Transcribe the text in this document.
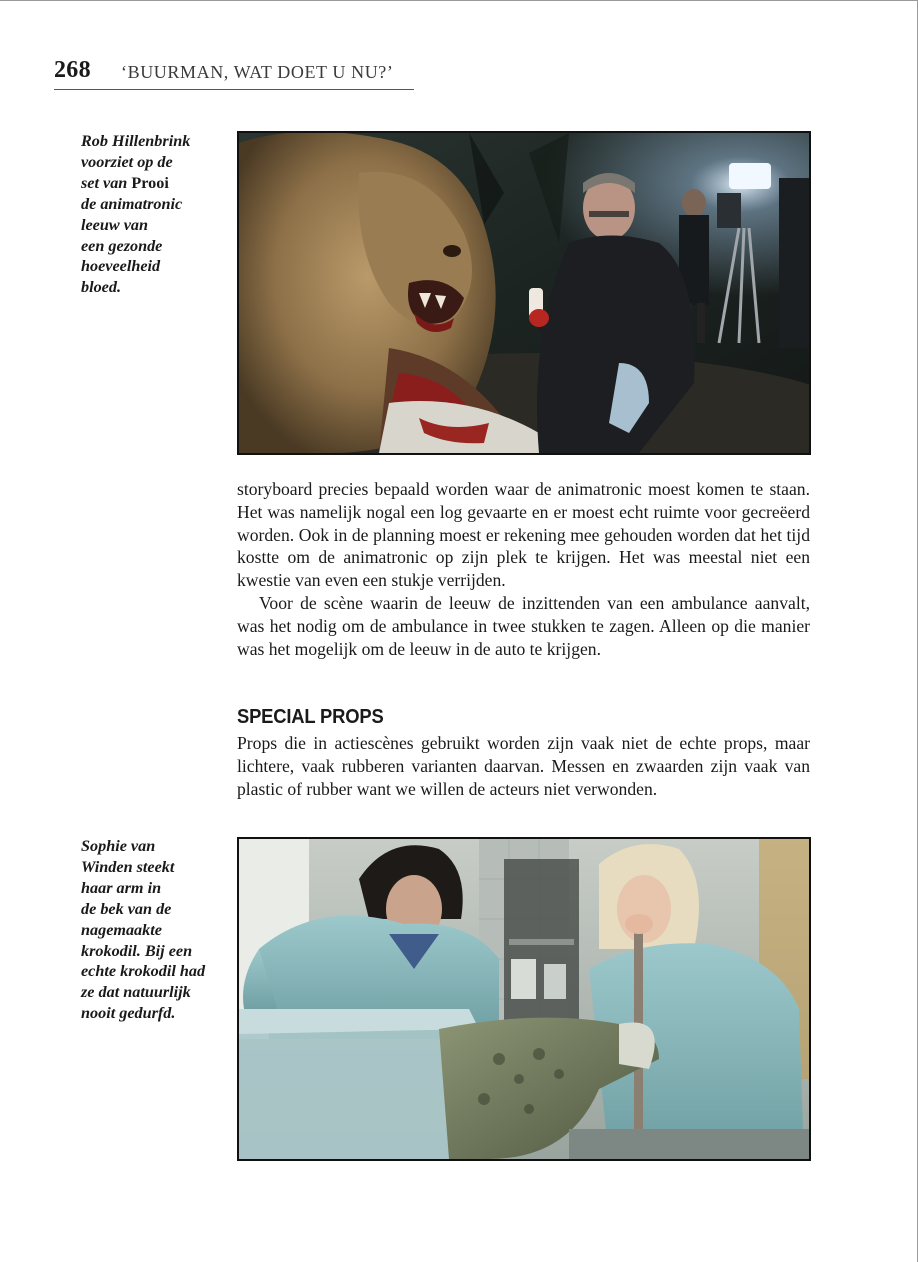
268 ‘BUURMAN, WAT DOET U NU?’
Rob Hillenbrink
voorziet op de
set van Prooi
de animatronic
leeuw van
een gezonde
hoeveelheid
bloed.

storyboard precies bepaald worden waar de animatronic moest komen te staan. Het was namelijk nogal een log gevaarte en er moest echt ruimte voor gecreëerd worden. Ook in de planning moest er rekening mee gehouden worden dat het tijd kostte om de animatronic op zijn plek te krijgen. Het was meestal niet een kwestie van even een stukje verrijden.

Voor de scène waarin de leeuw de inzittenden van een ambulance aanvalt, was het nodig om de ambulance in twee stukken te zagen. Alleen op die manier was het mogelijk om de leeuw in de auto te krijgen.

SPECIAL PROPS

Props die in actiescènes gebruikt worden zijn vaak niet de echte props, maar lichtere, vaak rubberen varianten daarvan. Messen en zwaarden zijn vaak van plastic of rubber want we willen de acteurs niet verwonden.

Sophie van
Winden steekt
haar arm in
de bek van de
nagemaakte
krokodil. Bij een
echte krokodil had
ze dat natuurlijk
nooit gedurfd.
